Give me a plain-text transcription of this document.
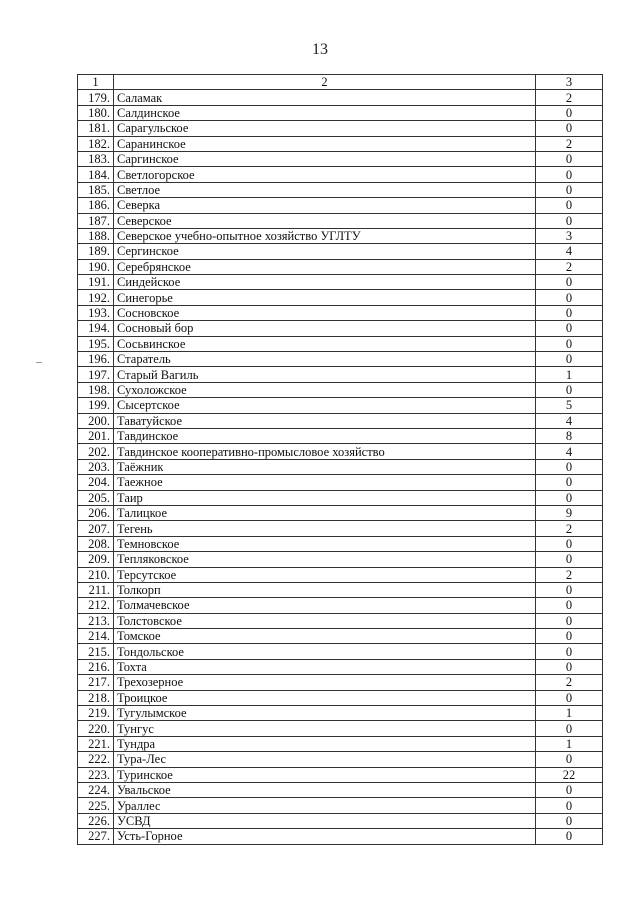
13
1	2	3
179.	Саламак	2
180.	Салдинское	0
181.	Сарагульское	0
182.	Саранинское	2
183.	Саргинское	0
184.	Светлогорское	0
185.	Светлое	0
186.	Северка	0
187.	Северское	0
188.	Северское учебно-опытное хозяйство УГЛТУ	3
189.	Сергинское	4
190.	Серебрянское	2
191.	Синдейское	0
192.	Синегорье	0
193.	Сосновское	0
194.	Сосновый бор	0
195.	Сосьвинское	0
196.	Старатель	0
197.	Старый Вагиль	1
198.	Сухоложское	0
199.	Сысертское	5
200.	Таватуйское	4
201.	Тавдинское	8
202.	Тавдинское кооперативно-промысловое хозяйство	4
203.	Таёжник	0
204.	Таежное	0
205.	Таир	0
206.	Талицкое	9
207.	Тегень	2
208.	Темновское	0
209.	Тепляковское	0
210.	Терсутское	2
211.	Толкорп	0
212.	Толмачевское	0
213.	Толстовское	0
214.	Томское	0
215.	Тондольское	0
216.	Тохта	0
217.	Трехозерное	2
218.	Троицкое	0
219.	Тугулымское	1
220.	Тунгус	0
221.	Тундра	1
222.	Тура-Лес	0
223.	Туринское	22
224.	Увальское	0
225.	Ураллес	0
226.	УСВД	0
227.	Усть-Горное	0
